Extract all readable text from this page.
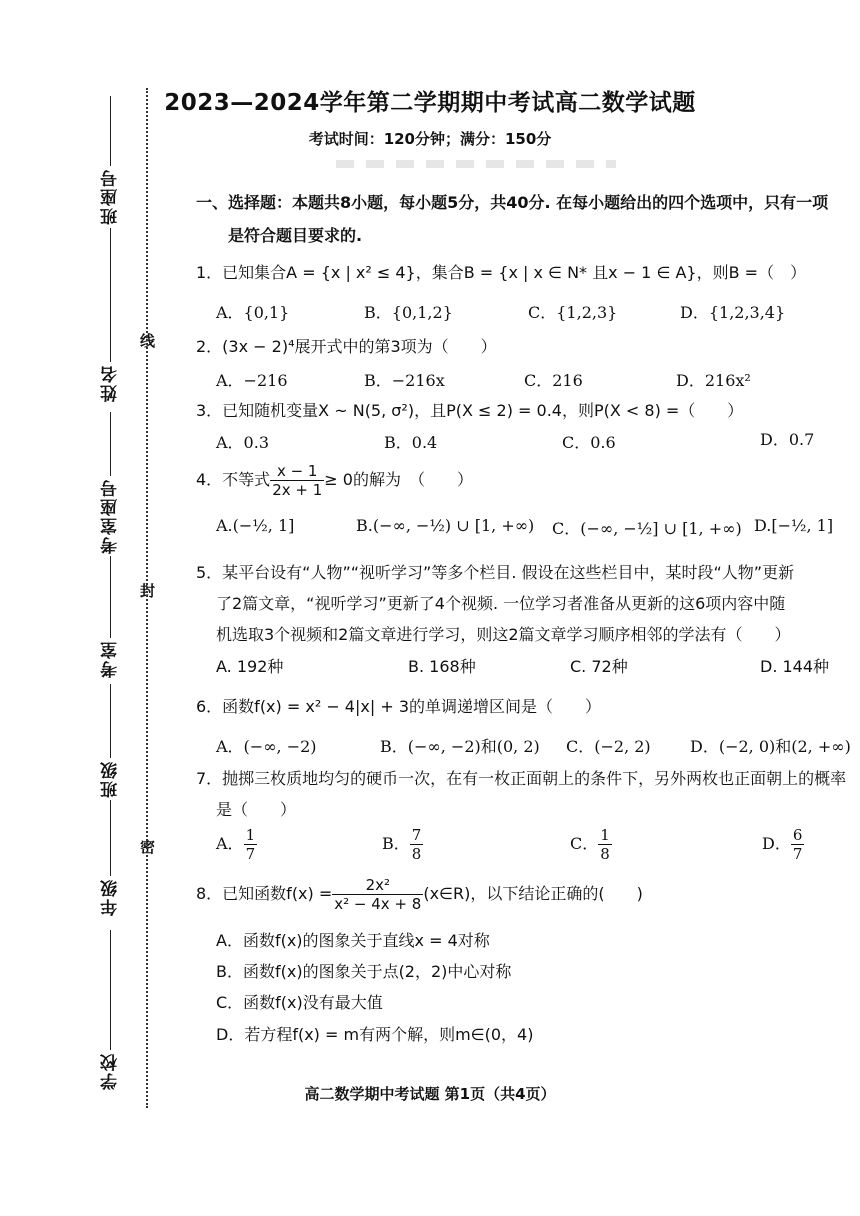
班座号
姓名
考室座号
考室
班级
年级
学校
线
封
密
2023—2024学年第二学期期中考试高二数学试题
考试时间：120分钟；满分：150分
一、选择题：本题共8小题，每小题5分，共40分. 在每小题给出的四个选项中，只有一项
是符合题目要求的.
1．已知集合A = {x | x² ≤ 4}，集合B = {x | x ∈ N* 且x − 1 ∈ A}，则B =（　）
A．{0,1}	B．{0,1,2}	C．{1,2,3}	D．{1,2,3,4}
2．(3x − 2)⁴展开式中的第3项为（　　）
A．−216	B．−216x	C．216	D．216x²
3．已知随机变量X ~ N(5, σ²)，且P(X ≤ 2) = 0.4，则P(X < 8) =（　　）
A．0.3	B．0.4	C．0.6	D．0.7
4．不等式 $\frac{x - 1}{2x + 1} \ge 0$的解为　（　　）
A.(−½, 1]	B.(−∞, −½) ∪ [1, +∞) C．(−∞, −½] ∪ [1, +∞) D.[−½, 1]
5．某平台设有“人物”“视听学习”等多个栏目. 假设在这些栏目中，某时段“人物”更新
了2篇文章，“视听学习”更新了4个视频. 一位学习者准备从更新的这6项内容中随
机选取3个视频和2篇文章进行学习，则这2篇文章学习顺序相邻的学法有（　　）
A. 192种	B. 168种	C. 72种	D. 144种
6．函数f(x) = x² − 4|x| + 3的单调递增区间是（　　）
A．(−∞, −2)	B．(−∞, −2)和(0, 2) C．(−2, 2) D．(−2, 0)和(2, +∞)
7．抛掷三枚质地均匀的硬币一次，在有一枚正面朝上的条件下，另外两枚也正面朝上的概率
是（　　）
A． $\frac{1}{7}$	B． $\frac{7}{8}$	C． $\frac{1}{8}$	D． $\frac{6}{7}$
8．已知函数$f(x) = \frac{\text{2x²}}{\text{x² − 4x + 8}}$ (x∈R)，以下结论正确的(　　)
A．函数f(x)的图象关于直线x = 4对称
B．函数f(x)的图象关于点(2，2)中心对称
C．函数f(x)没有最大值
D．若方程f(x) = m有两个解，则m∈(0，4)
高二数学期中考试题 第1页（共4页）
